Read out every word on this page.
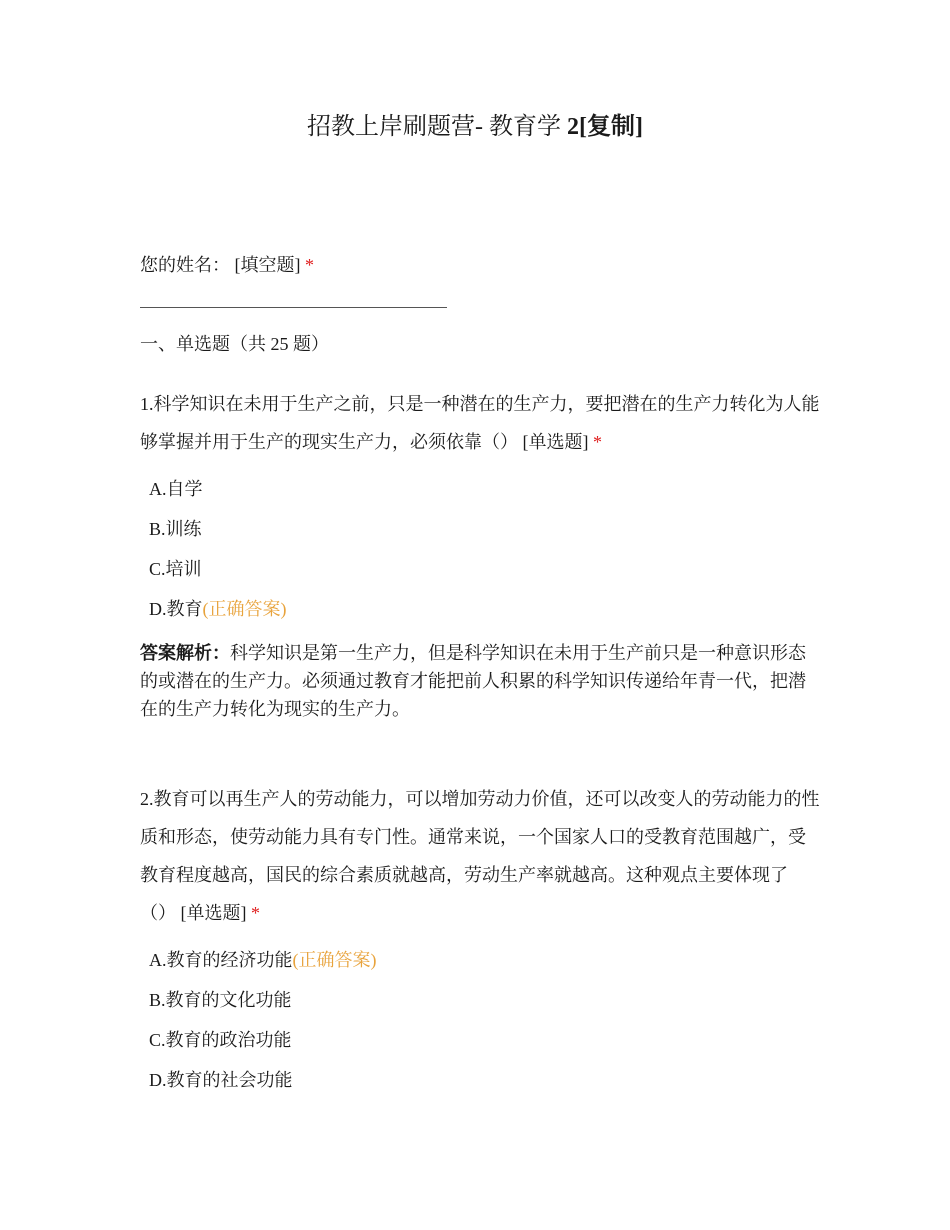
招教上岸刷题营- 教育学 2[复制]
您的姓名： [填空题] *
一、单选题（共 25 题）

1.科学知识在未用于生产之前，只是一种潜在的生产力，要把潜在的生产力转化为人能够掌握并用于生产的现实生产力，必须依靠（） [单选题] *

A.自学
B.训练
C.培训
D.教育(正确答案)

答案解析：科学知识是第一生产力，但是科学知识在未用于生产前只是一种意识形态的或潜在的生产力。必须通过教育才能把前人积累的科学知识传递给年青一代，把潜在的生产力转化为现实的生产力。

2.教育可以再生产人的劳动能力，可以增加劳动力价值，还可以改变人的劳动能力的性质和形态，使劳动能力具有专门性。通常来说，一个国家人口的受教育范围越广，受教育程度越高，国民的综合素质就越高，劳动生产率就越高。这种观点主要体现了（） [单选题] *

A.教育的经济功能(正确答案)
B.教育的文化功能
C.教育的政治功能
D.教育的社会功能
